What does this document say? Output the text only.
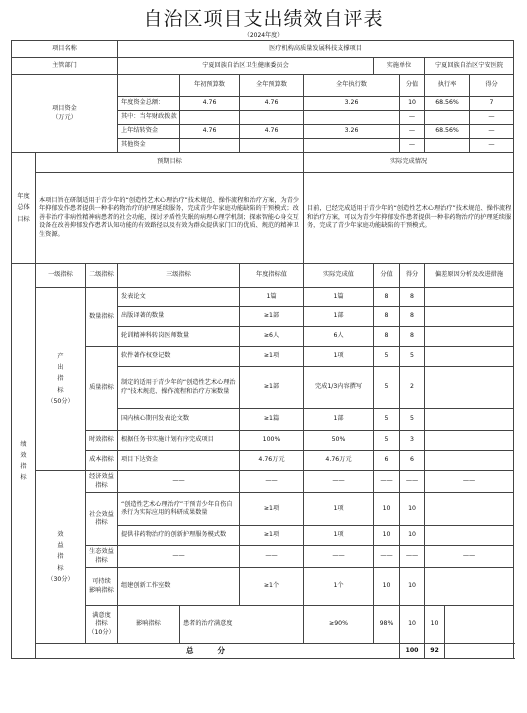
自治区项目支出绩效自评表
（2024年度）
项目名称			医疗机构高质量发展科技支撑项目								
主管部门			宁夏回族自治区卫生健康委员会				实施单位		宁夏回族自治区宁安医院		
项目资金
（万元）				年初预算数	全年预算数	全年执行数		分值	执行率		得分
			年度资金总额：	4.76	4.76	3.26		10	68.56%		7
			其中：当年财政拨款					—			—
			上年结转资金	4.76	4.76	3.26		—	68.56%		—
			其他资金					—			—
年度
总体
目标	预期目标					实际完成情况					
	本项目旨在研制适用于青少年的“创造性艺术心理治疗”技术规范、操作流程和治疗方案，为青少年抑郁发作患者提供一种非药物治疗的护理延续服务，完成青少年家庭功能缺陷的干预模式；改善非治疗非病性精神病患者的社会功能，探讨矛盾性失眠的病理心理学机制；探索智能心身交互设备在改善抑郁发作患者认知功能的有效路径以及有效为群众提供家门口的优质、规范的精神卫生资源。					目前，已经完成适用于青少年的“创造性艺术心理治疗”技术规范、操作流程和治疗方案，可以为青少年抑郁发作患者提供一种非药物治疗的护理延续服务，完成了青少年家庭功能缺陷的干预模式。					
绩
效
指
标	一级指标	二级指标	三级指标		年度指标值	实际完成值	分值	得分	偏差原因分析及改进措施		
	产
出
指
标
（50分）	数量指标	发表论文		1篇	1篇	8	8			
			出版译著的数量		≥1部	1部	8	8			
			轮训精神科转岗医师数量		≥6人	6人	8	8			
		质量指标	软件著作权登记数		≥1项	1项	5	5			
			制定的适用于青少年的“创造性艺术心理治疗”技术规范、操作流程和治疗方案数量		≥1部	完成1/3内容撰写	5	2			
			国内核心期刊发表论文数		≥1篇	1部	5	5			
		时效指标	根据任务书实施计划有序完成项目		100%	50%	5	3			
		成本指标	项目下达资金		4.76万元	4.76万元	6	6			
	效
益
指
标
（30分）	经济效益
指标	——		——	——	——	——	——		
		社会效益
指标	“创造性艺术心理治疗”干预青少年自伤自杀行为实际应用的科研成果数量		≥1项	1项	10	10			
			提供非药物治疗的创新护理服务模式数		≥1项	1项	10	10			
		生态效益
指标	——		——	——	——	——	——		
		可持续
影响指标	组建创新工作室数		≥1个	1个	10	10			
		满意度
指标
（10分）	影响指标	患者的治疗满意度		≥90%	98%	10	10		
	总分							100	92		
